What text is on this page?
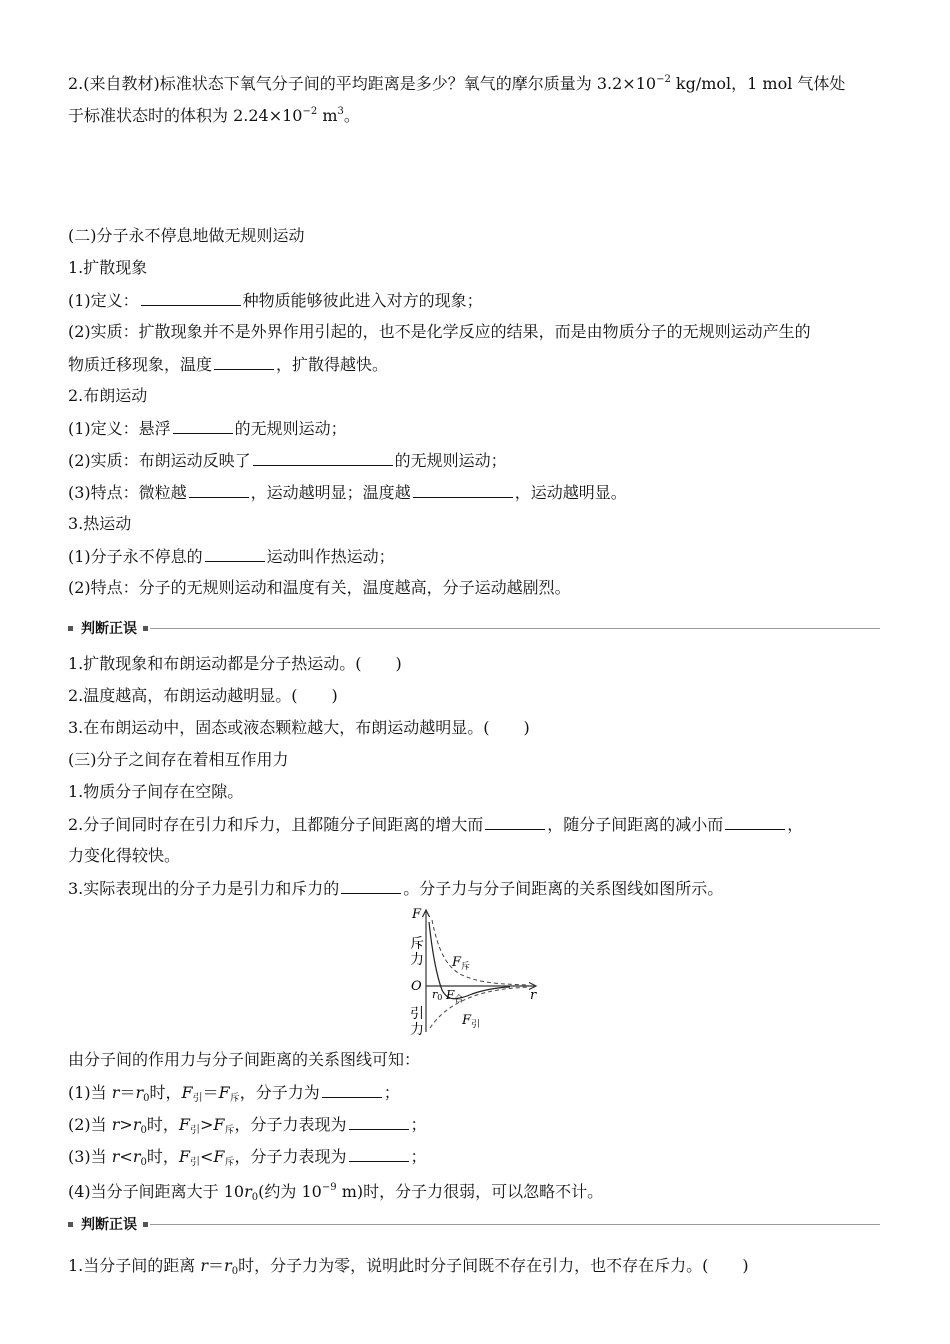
2.(来自教材)标准状态下氧气分子间的平均距离是多少？氧气的摩尔质量为 $3.2\times 10^{-2}$ kg/mol，1 mol 气体处
于标准状态时的体积为 $2.24\times 10^{-2}$ $m^3$。
(二)分子永不停息地做无规则运动
1.扩散现象
(1)定义：	种物质能够彼此进入对方的现象；
(2)实质：扩散现象并不是外界作用引起的，也不是化学反应的结果，而是由物质分子的无规则运动产生的
物质迁移现象，温度	，扩散得越快。
2.布朗运动
(1)定义：悬浮	的无规则运动；
(2)实质：布朗运动反映了	的无规则运动；
(3)特点：微粒越	，运动越明显；温度越	，运动越明显。
3.热运动
(1)分子永不停息的	运动叫作热运动；
(2)特点：分子的无规则运动和温度有关，温度越高，分子运动越剧烈。
判断正误
1.扩散现象和布朗运动都是分子热运动。( )
2.温度越高，布朗运动越明显。( )
3.在布朗运动中，固态或液态颗粒越大，布朗运动越明显。( )
(三)分子之间存在着相互作用力
1.物质分子间存在空隙。
2.分子间同时存在引力和斥力，且都随分子间距离的增大而	，随分子间距离的减小而	，
力变化得较快。
3.实际表现出的分子力是引力和斥力的	。分子力与分子间距离的关系图线如图所示。
F
r
O
斥
力
引
力
$F_斥$
r0 $F_合$
$F_引$
由分子间的作用力与分子间距离的关系图线可知：
(1)当 $r=r_0$时，$F_引=F_斥$，分子力为	；
(2)当 $r>r_0$时，$F_引>F_斥$，分子力表现为	；
(3)当 $r<r_0$时，$F_引<F_斥$，分子力表现为	；
(4)当分子间距离大于 $10r_0$(约为 $10^{-9}$ m)时，分子力很弱，可以忽略不计。
判断正误
1.当分子间的距离 $r=r_0$时，分子力为零，说明此时分子间既不存在引力，也不存在斥力。( )
